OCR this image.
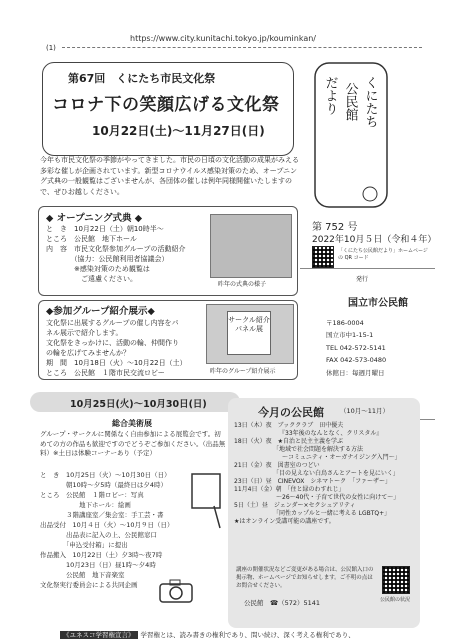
https://www.city.kunitachi.tokyo.jp/kouminkan/
(1)
第67回　くにたち市民文化祭
コロナ下の笑顔広げる文化祭
10月22日(土)〜11月27日(日)
くにたち
公民館
だより
第 752 号
2022年10月５日（令和４年）
今年も市民文化祭の季節がやってきました。市民の日頃の文化活動の成果がみえる多彩な催しが企画されています。新型コロナウイルス感染対策のため、オープニング式典の一般観覧はございませんが、各団体の催しは例年同様開催いたしますので、ぜひお越しください。
◆ オープニング式典 ◆
と　き　10月22日（土）朝10時半〜
ところ　公民館　地下ホール
内　容　市民文化祭参加グループの活動紹介
　　　　（協力：公民館利用者協議会）
　　　　※感染対策のため観覧は
　　　　　ご遠慮ください。
昨年の式典の様子
◆参加グループ紹介展示◆
文化祭に出展するグループの催し内容をパ
ネル展示で紹介します。
文化祭をきっかけに、活動の輪、仲間作り
の輪を広げてみませんか？
期　間　10月18日（火）〜10月22日（土）
ところ　公民館　１階市民交流ロビー
サークル紹介パネル展
昨年のグループ紹介展示
「くにたち公民館だより」ホームページの QR コード
発行
国立市公民館
〒186-0004
国立市中1-15-1
TEL 042-572-5141
FAX 042-573-0480
休館日：毎週月曜日
10月25日(火)〜10月30日(日)
総合美術展
グループ・サークルに関係なく自由参加による展覧会です。初めての方の作品も歓迎ですのでどうぞご参加ください。（出品無料）※土日は体験コーナーあり（予定）
と　き　10月25日（火）〜10月30日（日）
　　　　朝10時〜夕5時（最終日は夕4時）
ところ　公民館　１階ロビー：写真
　　　　　　地下ホール：絵画
　　　　３階講座室／集会室：手工芸・書
出品受付　10月４日（火）〜10月９日（日）
　　　　出品表に記入の上、公民館窓口
　　　　「申込受付箱」に提出
作品搬入　10月22日（土）夕3時〜夜7時
　　　　10月23日（日）昼1時〜夕4時
　　　　公民館　地下音楽室
文化祭実行委員会による共同企画
今月の公民館 （10月〜11月）
13日（木）夜　ブッククラブ　田中優夫
　　　　　　　　『33年後のなんとなく、クリスタル』
18日（火）夜　★自治と民主主義を学ぶ
　　　　　　　「地域で社会問題を解決する方法
　　　　　　　　〜コミュニティ・オーガナイジング入門〜」
21日（金）夜　図書室のつどい
　　　　　　　「目の見えない白鳥さんとアートを見にいく」
23日（日）昼　CINEVOX　シネマトーク　「ファーザー」
11月4日（金）朝　「住と緑のわすれじ」
　　　　　　　〜26〜40代・子育て世代の女性に向けて〜」
5日（土）昼　ジェンダー×セクシュアリティ
　　　　　　　「同性カップルと一緒に考える LGBTQ+」
★はオンライン受講可能の講座です。
講座の開催状況などご変更がある場合は、公民館入口の掲示物、ホームページでお知らせします。ご不明の点はお問合せください。
公民館　☎（572）5141	公民館の状況
《ユネスコ学習権宣言》 学習権とは、読み書きの権利であり、問い続け、深く考える権利であり、
